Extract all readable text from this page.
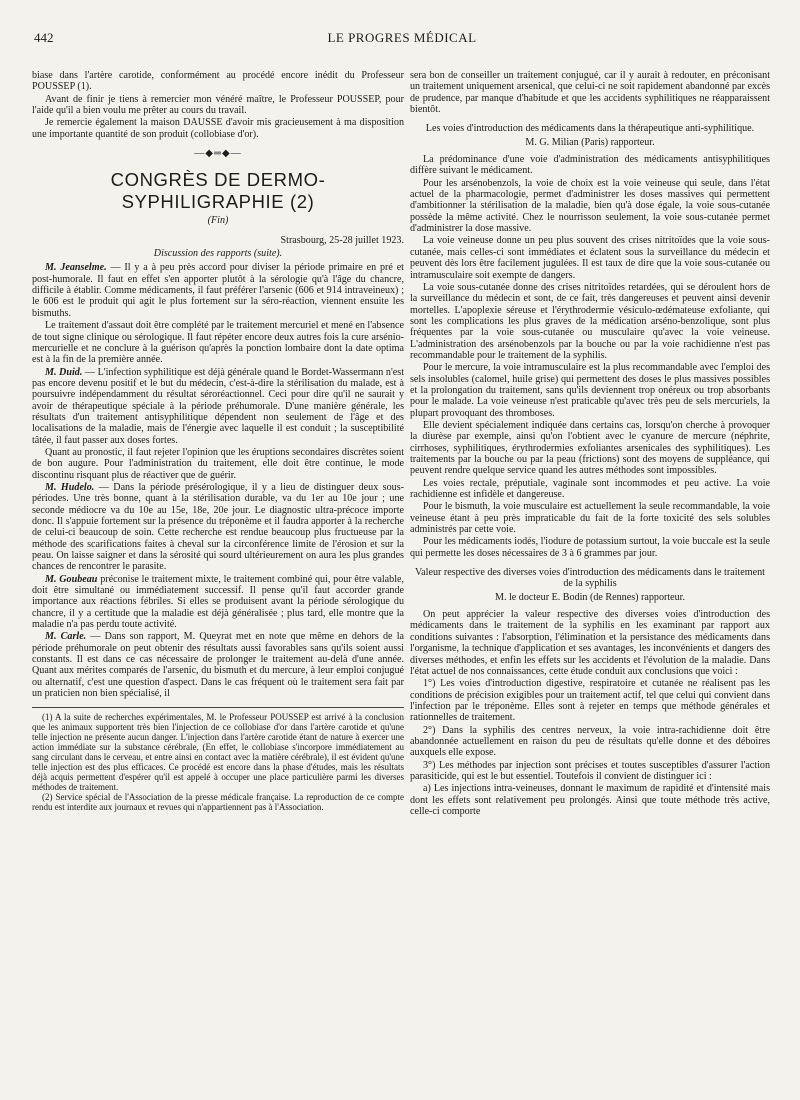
442	LE PROGRES MÉDICAL

biase dans l'artère carotide, conformément au procédé encore inédit du Professeur POUSSEP (1).

Avant de finir je tiens à remercier mon vénéré maître, le Professeur POUSSEP, pour l'aide qu'il a bien voulu me prêter au cours du travail.

Je remercie également la maison DAUSSE d'avoir mis gracieusement à ma disposition une importante quantité de son produit (collobiase d'or).

—◆═◆—
CONGRÈS DE DERMO-SYPHILIGRAPHIE (2)
(Fin)
Strasbourg, 25-28 juillet 1923.
Discussion des rapports (suite).

M. Jeanselme. — Il y a à peu près accord pour diviser la période primaire en pré et post-humorale. Il faut en effet s'en apporter plutôt à la sérologie qu'à l'âge du chancre, difficile à établir. Comme médicaments, il faut préférer l'arsenic (606 et 914 intraveineux) ; le 606 est le produit qui agit le plus fortement sur la séro-réaction, viennent ensuite les bismuths.

Le traitement d'assaut doit être complété par le traitement mercuriel et mené en l'absence de tout signe clinique ou sérologique. Il faut répéter encore deux autres fois la cure arsénio-mercurielle et ne conclure à la guérison qu'après la ponction lombaire dont la date optima est à la fin de la première année.

M. Duid. — L'infection syphilitique est déjà générale quand le Bordet-Wassermann n'est pas encore devenu positif et le but du médecin, c'est-à-dire la stérilisation du malade, est à poursuivre indépendamment du résultat séroréactionnel. Ceci pour dire qu'il ne saurait y avoir de thérapeutique spéciale à la période préhumorale. D'une manière générale, les résultats d'un traitement antisyphilitique dépendent non seulement de l'âge et des localisations de la maladie, mais de l'énergie avec laquelle il est conduit ; la susceptibilité tâtée, il faut passer aux doses fortes.

Quant au pronostic, il faut rejeter l'opinion que les éruptions secondaires discrètes soient de bon augure. Pour l'administration du traitement, elle doit être continue, le mode discontinu risquant plus de réactiver que de guérir.

M. Hudelo. — Dans la période présérologique, il y a lieu de distinguer deux sous-périodes. Une très bonne, quant à la stérilisation durable, va du 1er au 10e jour ; une seconde médiocre va du 10e au 15e, 18e, 20e jour. Le diagnostic ultra-précoce importe donc. Il s'appuie fortement sur la présence du tréponème et il faudra apporter à la recherche de celui-ci beaucoup de soin. Cette recherche est rendue beaucoup plus fructueuse par la méthode des scarifications faites à cheval sur la circonférence limite de l'érosion et sur la peau. On laisse saigner et dans la sérosité qui sourd ultérieurement on aura les plus grandes chances de rencontrer le parasite.

M. Goubeau préconise le traitement mixte, le traitement combiné qui, pour être valable, doit être simultané ou immédiatement successif. Il pense qu'il faut accorder grande importance aux réactions fébriles. Si elles se produisent avant la période sérologique du chancre, il y a certitude que la maladie est déjà généralisée ; plus tard, elle montre que la maladie n'a pas perdu toute activité.

M. Carle. — Dans son rapport, M. Queyrat met en note que même en dehors de la période préhumorale on peut obtenir des résultats aussi favorables sans qu'ils soient aussi constants. Il est dans ce cas nécessaire de prolonger le traitement au-delà d'une année. Quant aux mérites comparés de l'arsenic, du bismuth et du mercure, à leur emploi conjugué ou alternatif, c'est une question d'aspect. Dans le cas fréquent où le traitement sera fait par un praticien non bien spécialisé, il

(1) A la suite de recherches expérimentales, M. le Professeur POUSSEP est arrivé à la conclusion que les animaux supportent très bien l'injection de ce collobiase d'or dans l'artère carotide et qu'une telle injection ne présente aucun danger. L'injection dans l'artère carotide étant de nature à exercer une action immédiate sur la substance cérébrale, (En effet, le collobiase s'incorpore immédiatement au sang circulant dans le cerveau, et entre ainsi en contact avec la matière cérébrale), il est évident qu'une telle injection est des plus efficaces. Ce procédé est encore dans la phase d'études, mais les résultats déjà acquis permettent d'espérer qu'il est appelé à occuper une place particulière parmi les diverses méthodes de traitement.

(2) Service spécial de l'Association de la presse médicale française. La reproduction de ce compte rendu est interdite aux journaux et revues qui n'appartiennent pas à l'Association.

sera bon de conseiller un traitement conjugué, car il y aurait à redouter, en préconisant un traitement uniquement arsenical, que celui-ci ne soit rapidement abandonné par excès de prudence, par manque d'habitude et que les accidents syphilitiques ne réapparaissent bientôt.

Les voies d'introduction des médicaments dans la thérapeutique anti-syphilitique.
M. G. Milian (Paris) rapporteur.

La prédominance d'une voie d'administration des médicaments antisyphilitiques diffère suivant le médicament.

Pour les arsénobenzols, la voie de choix est la voie veineuse qui seule, dans l'état actuel de la pharmacologie, permet d'administrer les doses massives qui permettent d'ambitionner la stérilisation de la maladie, bien qu'à dose égale, la voie sous-cutanée possède la même activité. Chez le nourrisson seulement, la voie sous-cutanée permet d'administrer la dose massive.

La voie veineuse donne un peu plus souvent des crises nitritoïdes que la voie sous-cutanée, mais celles-ci sont immédiates et éclatent sous la surveillance du médecin et peuvent dès lors être facilement jugulées. Il est taux de dire que la voie sous-cutanée ou intramusculaire soit exempte de dangers.

La voie sous-cutanée donne des crises nitritoïdes retardées, qui se déroulent hors de la surveillance du médecin et sont, de ce fait, très dangereuses et peuvent ainsi devenir mortelles. L'apoplexie séreuse et l'érythrodermie vésiculo-œdémateuse exfoliante, qui sont les complications les plus graves de la médication arséno-benzolique, sont plus fréquentes par la voie sous-cutanée ou musculaire qu'avec la voie veineuse. L'administration des arsénobenzols par la bouche ou par la voie rachidienne n'est pas recommandable pour le traitement de la syphilis.

Pour le mercure, la voie intramusculaire est la plus recommandable avec l'emploi des sels insolubles (calomel, huile grise) qui permettent des doses le plus massives possibles et la prolongation du traitement, sans qu'ils deviennent trop onéreux ou trop absorbants pour le malade. La voie veineuse n'est praticable qu'avec très peu de sels mercuriels, la plupart provoquant des thromboses.

Elle devient spécialement indiquée dans certains cas, lorsqu'on cherche à provoquer la diurèse par exemple, ainsi qu'on l'obtient avec le cyanure de mercure (néphrite, cirrhoses, syphilitiques, érythrodermies exfoliantes arsenicales des syphilitiques). Les traitements par la bouche ou par la peau (frictions) sont des moyens de suppléance, qui peuvent rendre quelque service quand les autres méthodes sont impossibles.

Les voies rectale, préputiale, vaginale sont incommodes et peu active. La voie rachidienne est infidèle et dangereuse.

Pour le bismuth, la voie musculaire est actuellement la seule recommandable, la voie veineuse étant à peu près impraticable du fait de la forte toxicité des sels solubles administrés par cette voie.

Pour les médicaments iodés, l'iodure de potassium surtout, la voie buccale est la seule qui permette les doses nécessaires de 3 à 6 grammes par jour.

Valeur respective des diverses voies d'introduction des médicaments dans le traitement de la syphilis
M. le docteur E. Bodin (de Rennes) rapporteur.

On peut apprécier la valeur respective des diverses voies d'introduction des médicaments dans le traitement de la syphilis en les examinant par rapport aux conditions suivantes : l'absorption, l'élimination et la persistance des médicaments dans l'organisme, la technique d'application et ses avantages, les inconvénients et dangers des diverses méthodes, et enfin les effets sur les accidents et l'évolution de la maladie. Dans l'état actuel de nos connaissances, cette étude conduit aux conclusions que voici :

1°) Les voies d'introduction digestive, respiratoire et cutanée ne réalisent pas les conditions de précision exigibles pour un traitement actif, tel que celui qui convient dans l'infection par le tréponème. Elles sont à rejeter en temps que méthode générales et rationnelles de traitement.

2°) Dans la syphilis des centres nerveux, la voie intra-rachidienne doit être abandonnée actuellement en raison du peu de résultats qu'elle donne et des déboires auxquels elle expose.

3°) Les méthodes par injection sont précises et toutes susceptibles d'assurer l'action parasiticide, qui est le but essentiel. Toutefois il convient de distinguer ici :

a) Les injections intra-veineuses, donnant le maximum de rapidité et d'intensité mais dont les effets sont relativement peu prolongés. Ainsi que toute méthode très active, celle-ci comporte
